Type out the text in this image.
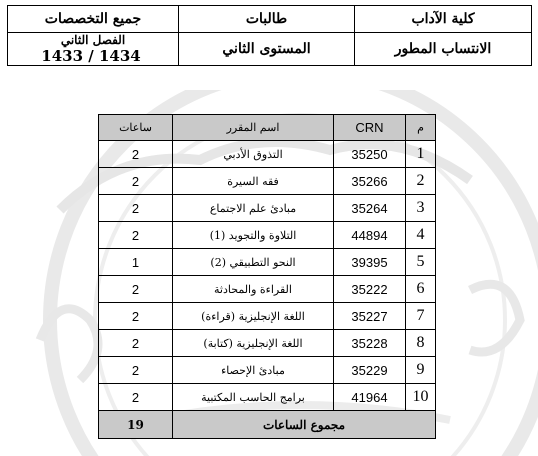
كلية الآداب	طالبات	جميع التخصصات
الانتساب المطور	المستوى الثاني	الفصل الثاني 1433 / 1434
م	CRN	اسم المقرر	ساعات
1	35250	التذوق الأدبي	2
2	35266	فقه السيرة	2
3	35264	مبادئ علم الاجتماع	2
4	44894	التلاوة والتجويد (1)	2
5	39395	النحو التطبيقي (2)	1
6	35222	القراءة والمحادثة	2
7	35227	اللغة الإنجليزية (قراءة)	2
8	35228	اللغة الإنجليزية (كتابة)	2
9	35229	مبادئ الإحصاء	2
10	41964	برامج الحاسب المكتبية	2
مجموع الساعات			19
